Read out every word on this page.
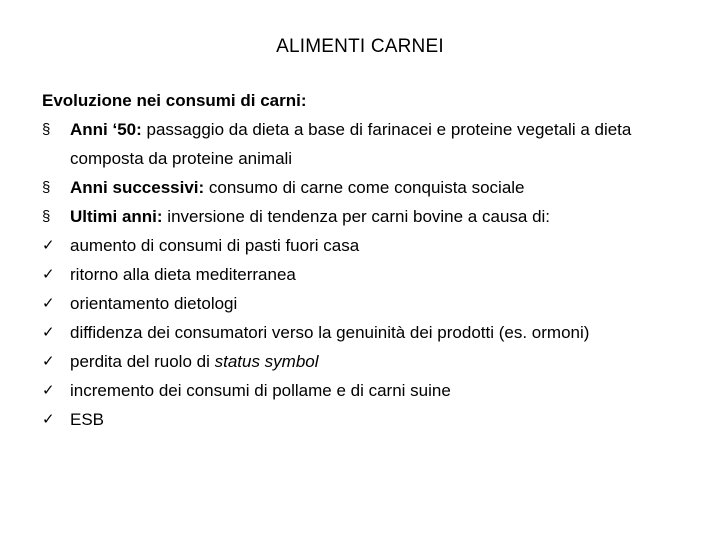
ALIMENTI CARNEI

Evoluzione nei consumi di carni:

§	Anni ‘50: passaggio da dieta a base di farinacei e proteine vegetali a dieta composta da proteine animali
§	Anni successivi: consumo di carne come conquista sociale
§	Ultimi anni: inversione di tendenza per carni bovine a causa di:
✓ aumento di consumi di pasti fuori casa
✓ ritorno alla dieta mediterranea
✓ orientamento dietologi
✓ diffidenza dei consumatori verso la genuinità dei prodotti (es. ormoni)
✓ perdita del ruolo di status symbol
✓ incremento dei consumi di pollame e di carni suine
✓ ESB
